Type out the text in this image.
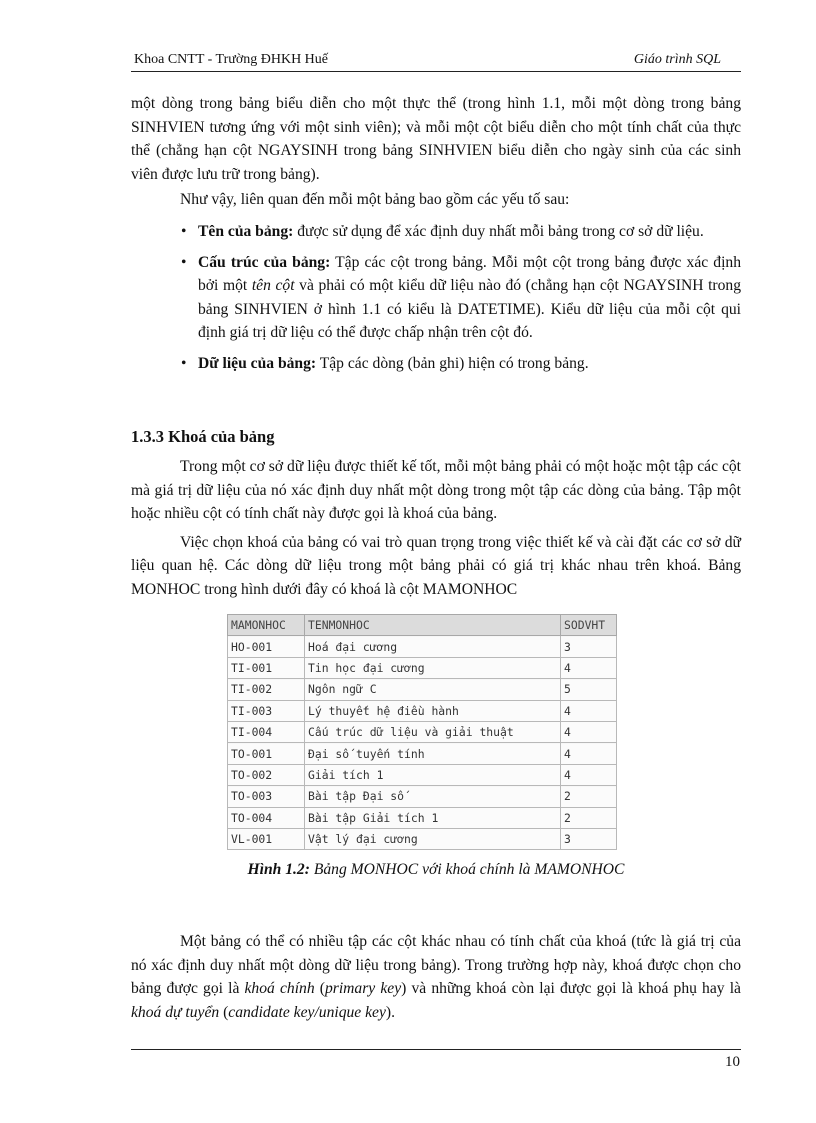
Khoa CNTT - Trường ĐHKH Huế	Giáo trình SQL

một dòng trong bảng biểu diễn cho một thực thể (trong hình 1.1, mỗi một dòng trong bảng SINHVIEN tương ứng với một sinh viên); và mỗi một cột biểu diễn cho một tính chất của thực thể (chẳng hạn cột NGAYSINH trong bảng SINHVIEN biểu diễn cho ngày sinh của các sinh viên được lưu trữ trong bảng).

Như vậy, liên quan đến mỗi một bảng bao gồm các yếu tố sau:

• Tên của bảng: được sử dụng để xác định duy nhất mỗi bảng trong cơ sở dữ liệu.
• Cấu trúc của bảng: Tập các cột trong bảng. Mỗi một cột trong bảng được xác định bởi một tên cột và phải có một kiểu dữ liệu nào đó (chẳng hạn cột NGAYSINH trong bảng SINHVIEN ở hình 1.1 có kiểu là DATETIME). Kiểu dữ liệu của mỗi cột qui định giá trị dữ liệu có thể được chấp nhận trên cột đó.
• Dữ liệu của bảng: Tập các dòng (bản ghi) hiện có trong bảng.
1.3.3 Khoá của bảng

Trong một cơ sở dữ liệu được thiết kế tốt, mỗi một bảng phải có một hoặc một tập các cột mà giá trị dữ liệu của nó xác định duy nhất một dòng trong một tập các dòng của bảng. Tập một hoặc nhiều cột có tính chất này được gọi là khoá của bảng.

Việc chọn khoá của bảng có vai trò quan trọng trong việc thiết kế và cài đặt các cơ sở dữ liệu quan hệ. Các dòng dữ liệu trong một bảng phải có giá trị khác nhau trên khoá. Bảng MONHOC trong hình dưới đây có khoá là cột MAMONHOC

MAMONHOC	TENMONHOC	SODVHT
HO-001	Hoá đại cương	3
TI-001	Tin học đại cương	4
TI-002	Ngôn ngữ C	5
TI-003	Lý thuyết hệ điều hành	4
TI-004	Cấu trúc dữ liệu và giải thuật	4
TO-001	Đại số tuyến tính	4
TO-002	Giải tích 1	4
TO-003	Bài tập Đại số	2
TO-004	Bài tập Giải tích 1	2
VL-001	Vật lý đại cương	3
Hình 1.2: Bảng MONHOC với khoá chính là MAMONHOC

Một bảng có thể có nhiều tập các cột khác nhau có tính chất của khoá (tức là giá trị của nó xác định duy nhất một dòng dữ liệu trong bảng). Trong trường hợp này, khoá được chọn cho bảng được gọi là khoá chính (primary key) và những khoá còn lại được gọi là khoá phụ hay là khoá dự tuyển (candidate key/unique key).

10
